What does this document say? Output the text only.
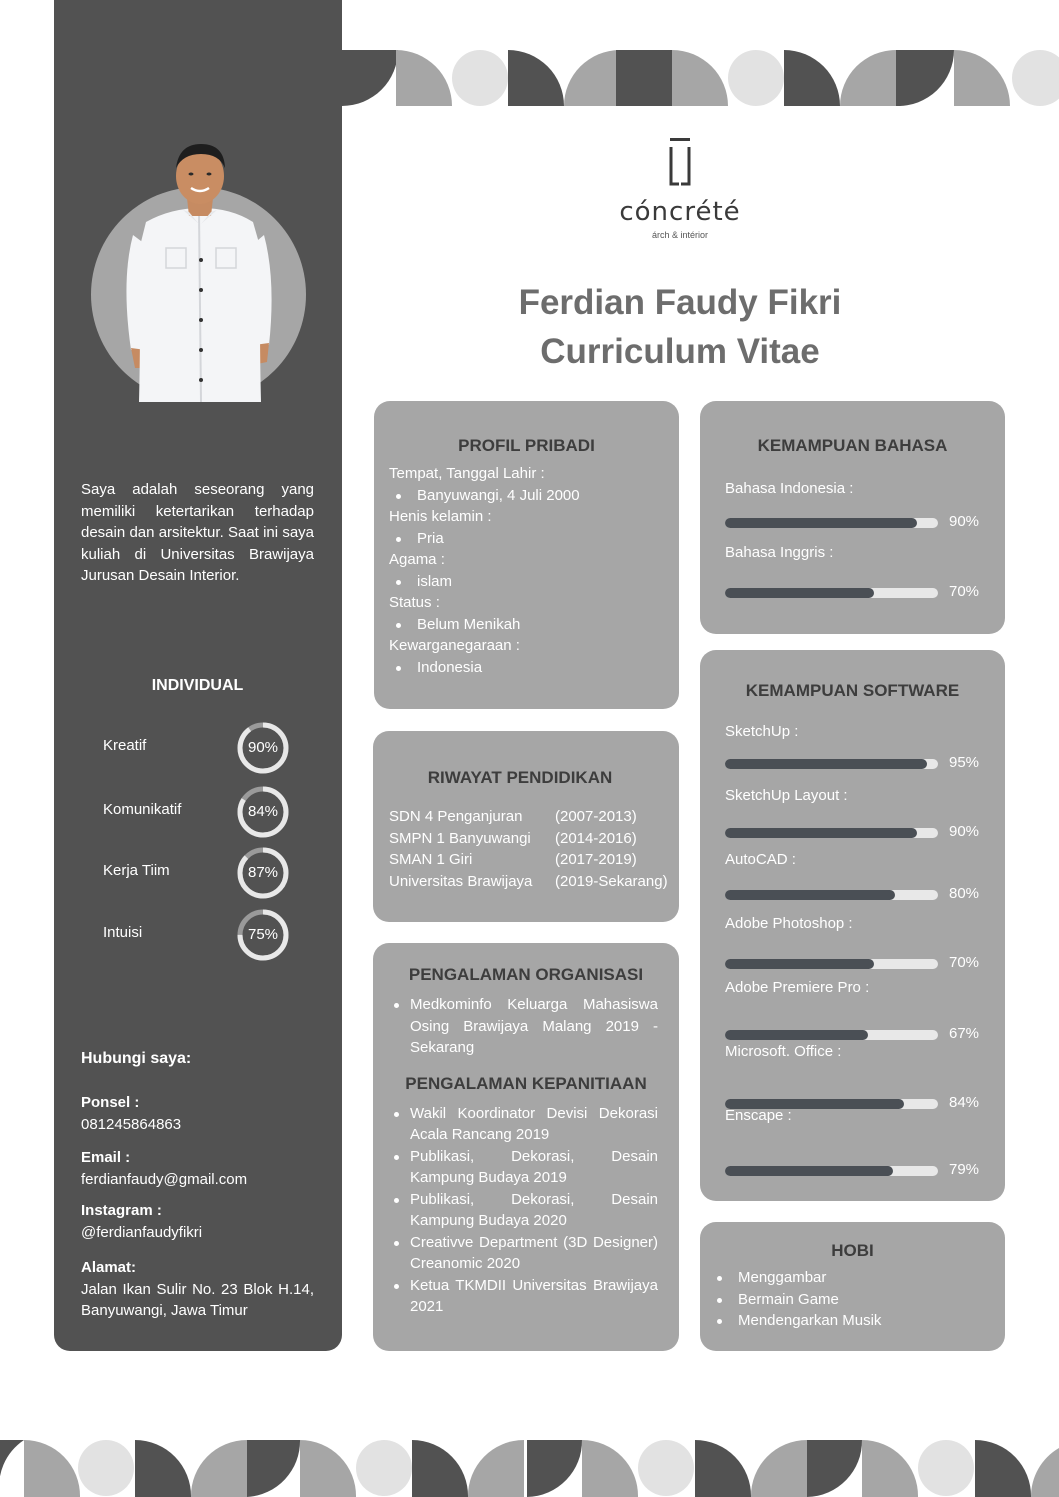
Saya adalah seseorang yang memiliki ketertarikan terhadap desain dan arsitektur. Saat ini saya kuliah di Universitas Brawijaya Jurusan Desain Interior.
INDIVIDUAL
Kreatif	90%
Komunikatif	84%
Kerja Tiim	87%
Intuisi	75%
Hubungi saya:
Ponsel :
081245864863
Email :
ferdianfaudy@gmail.com
Instagram :
@ferdianfaudyfikri
Alamat:
Jalan Ikan Sulir No. 23 Blok H.14, Banyuwangi, Jawa Timur
cóncrété
árch & intérior
Ferdian Faudy Fikri
Curriculum Vitae
PROFIL PRIBADI
Tempat, Tanggal Lahir :
Banyuwangi, 4 Juli 2000
Henis kelamin :
Pria
Agama :
islam
Status :
Belum Menikah
Kewarganegaraan :
Indonesia
RIWAYAT PENDIDIKAN
SDN 4 Penganjuran	(2007-2013)
SMPN 1 Banyuwangi	(2014-2016)
SMAN 1 Giri	(2017-2019)
Universitas Brawijaya	(2019-Sekarang)
PENGALAMAN ORGANISASI
Medkominfo Keluarga Mahasiswa Osing Brawijaya Malang 2019 - Sekarang
PENGALAMAN KEPANITIAAN
Wakil Koordinator Devisi Dekorasi Acala Rancang 2019
Publikasi, Dekorasi, Desain Kampung Budaya 2019
Publikasi, Dekorasi, Desain Kampung Budaya 2020
Creativve Department (3D Designer) Creanomic 2020
Ketua TKMDII Universitas Brawijaya 2021
KEMAMPUAN BAHASA
Bahasa Indonesia :
90%
Bahasa Inggris :
70%
KEMAMPUAN SOFTWARE
SketchUp :
95%
SketchUp Layout :
90%
AutoCAD :
80%
Adobe Photoshop :
70%
Adobe Premiere Pro :
67%
Microsoft. Office :
84%
Enscape :
79%
HOBI
Menggambar
Bermain Game
Mendengarkan Musik
